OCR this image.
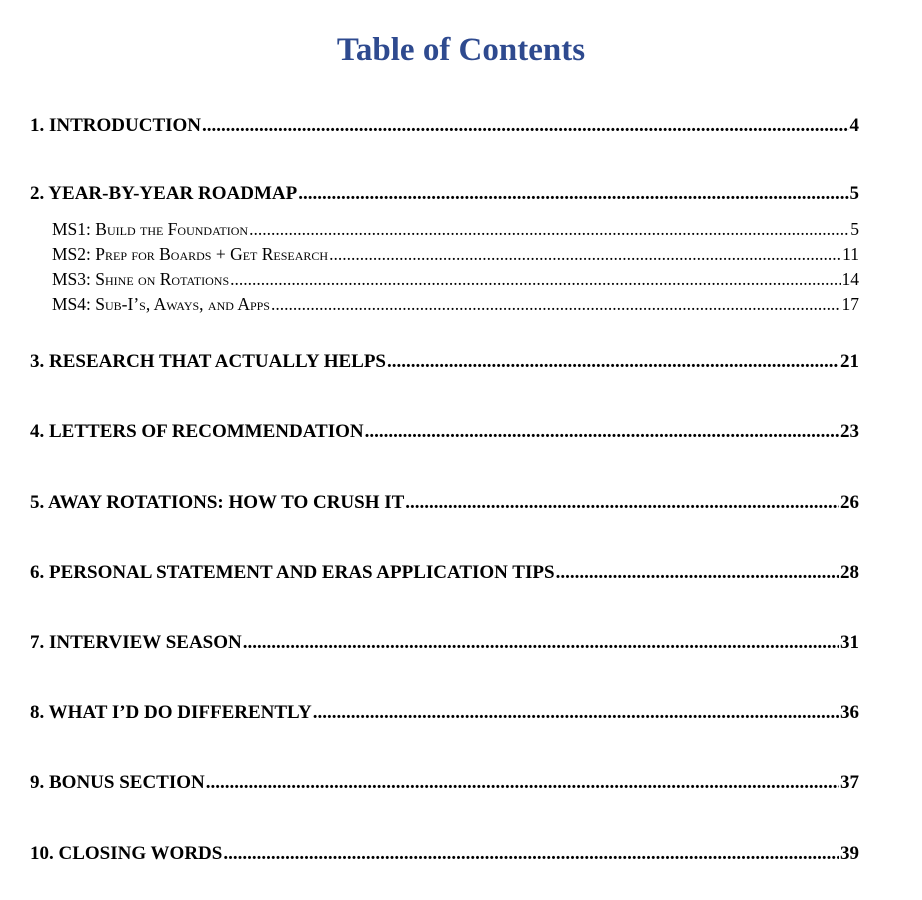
Table of Contents
1. INTRODUCTION .....	4
2. YEAR-BY-YEAR ROADMAP .....	5
MS1: Build the Foundation .....	5
MS2: Prep for Boards + Get Research .....	11
MS3: Shine on Rotations .....	14
MS4: Sub-I’s, Aways, and Apps .....	17
3. RESEARCH THAT ACTUALLY HELPS .....	21
4. LETTERS OF RECOMMENDATION .....	23
5. AWAY ROTATIONS: HOW TO CRUSH IT .....	26
6. PERSONAL STATEMENT AND ERAS APPLICATION TIPS .....	28
7. INTERVIEW SEASON .....	31
8. WHAT I’D DO DIFFERENTLY .....	36
9. BONUS SECTION .....	37
10. CLOSING WORDS .....	39
